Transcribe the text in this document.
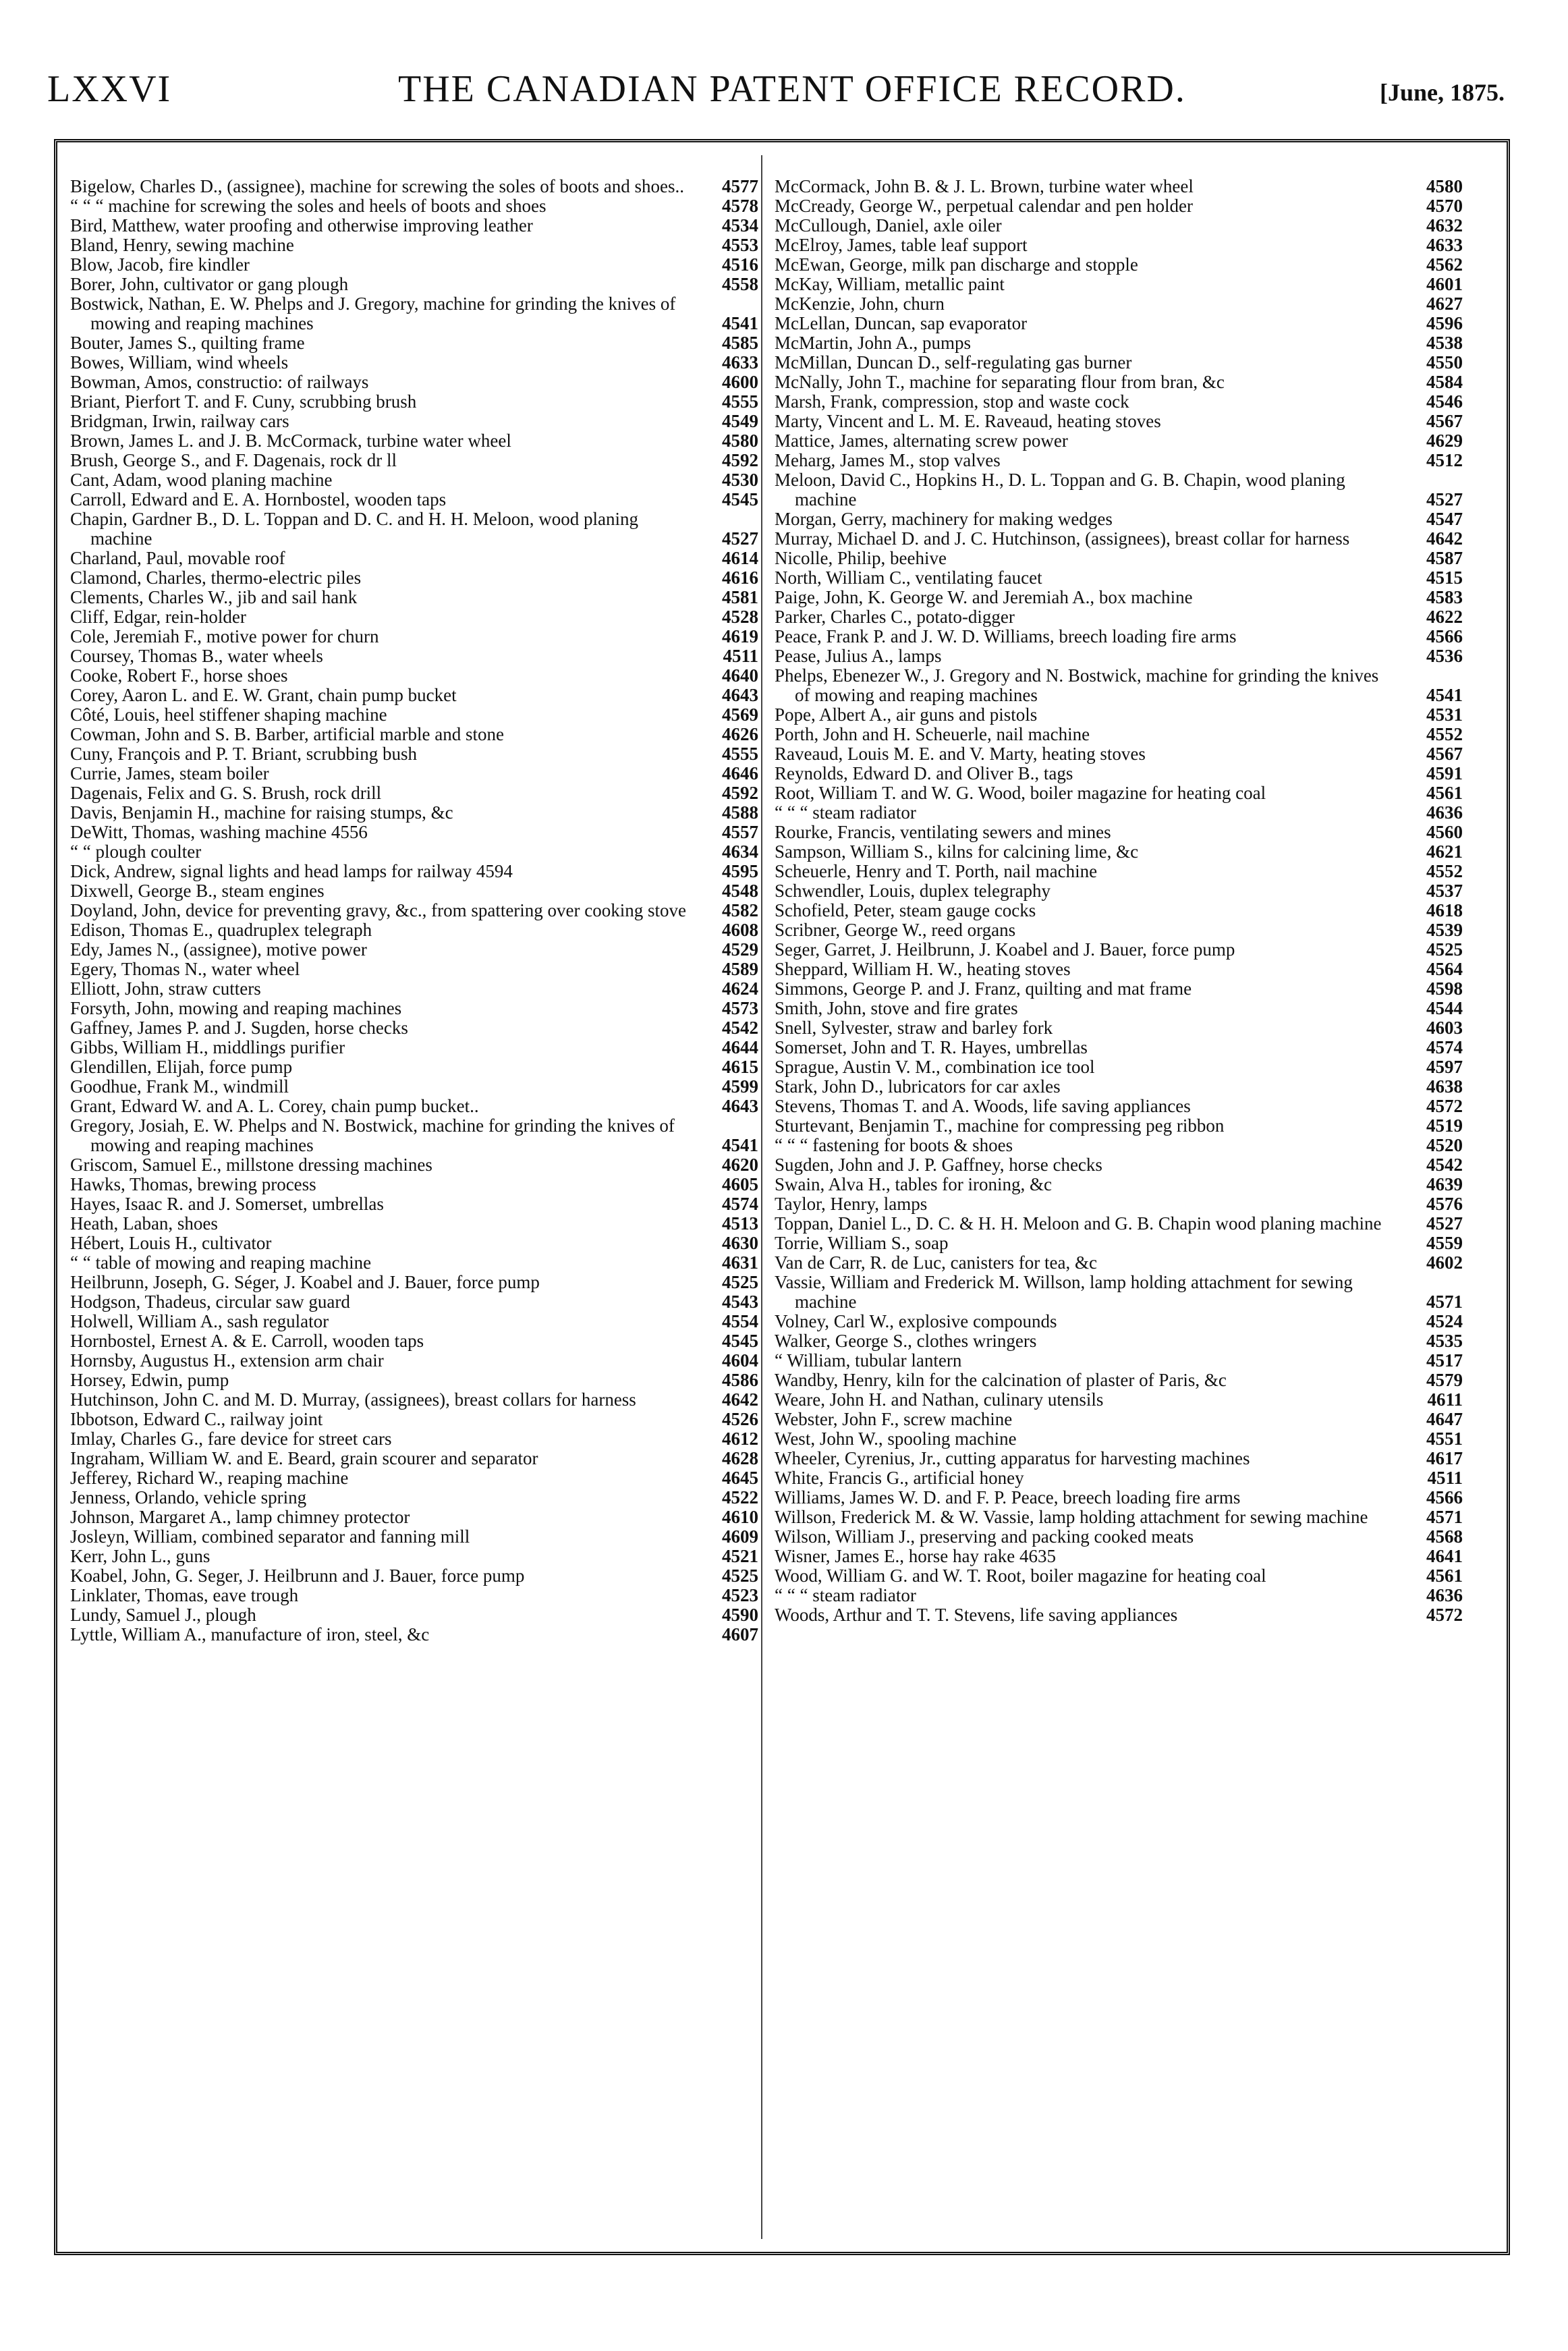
LXXVI	THE CANADIAN PATENT OFFICE RECORD.	[June, 1875.
Bigelow, Charles D., (assignee), machine for screwing the soles of boots and shoes..	4577
“ “ “ machine for screwing the soles and heels of boots and shoes	4578
Bird, Matthew, water proofing and otherwise improving leather	4534
Bland, Henry, sewing machine	4553
Blow, Jacob, fire kindler	4516
Borer, John, cultivator or gang plough	4558
Bostwick, Nathan, E. W. Phelps and J. Gregory, machine for grinding the knives of mowing and reaping machines	4541
Bouter, James S., quilting frame	4585
Bowes, William, wind wheels	4633
Bowman, Amos, constructio: of railways	4600
Briant, Pierfort T. and F. Cuny, scrubbing brush	4555
Bridgman, Irwin, railway cars	4549
Brown, James L. and J. B. McCormack, turbine water wheel	4580
Brush, George S., and F. Dagenais, rock dr ll	4592
Cant, Adam, wood planing machine	4530
Carroll, Edward and E. A. Hornbostel, wooden taps	4545
Chapin, Gardner B., D. L. Toppan and D. C. and H. H. Meloon, wood planing machine	4527
Charland, Paul, movable roof	4614
Clamond, Charles, thermo-electric piles	4616
Clements, Charles W., jib and sail hank	4581
Cliff, Edgar, rein-holder	4528
Cole, Jeremiah F., motive power for churn	4619
Coursey, Thomas B., water wheels	4511
Cooke, Robert F., horse shoes	4640
Corey, Aaron L. and E. W. Grant, chain pump bucket	4643
Côté, Louis, heel stiffener shaping machine	4569
Cowman, John and S. B. Barber, artificial marble and stone	4626
Cuny, François and P. T. Briant, scrubbing bush	4555
Currie, James, steam boiler	4646
Dagenais, Felix and G. S. Brush, rock drill	4592
Davis, Benjamin H., machine for raising stumps, &c	4588
DeWitt, Thomas, washing machine 4556	4557
“ “ plough coulter	4634
Dick, Andrew, signal lights and head lamps for railway 4594	4595
Dixwell, George B., steam engines	4548
Doyland, John, device for preventing gravy, &c., from spattering over cooking stove	4582
Edison, Thomas E., quadruplex telegraph	4608
Edy, James N., (assignee), motive power	4529
Egery, Thomas N., water wheel	4589
Elliott, John, straw cutters	4624
Forsyth, John, mowing and reaping machines	4573
Gaffney, James P. and J. Sugden, horse checks	4542
Gibbs, William H., middlings purifier	4644
Glendillen, Elijah, force pump	4615
Goodhue, Frank M., windmill	4599
Grant, Edward W. and A. L. Corey, chain pump bucket..	4643
Gregory, Josiah, E. W. Phelps and N. Bostwick, machine for grinding the knives of mowing and reaping machines	4541
Griscom, Samuel E., millstone dressing machines	4620
Hawks, Thomas, brewing process	4605
Hayes, Isaac R. and J. Somerset, umbrellas	4574
Heath, Laban, shoes	4513
Hébert, Louis H., cultivator	4630
“ “ table of mowing and reaping machine	4631
Heilbrunn, Joseph, G. Séger, J. Koabel and J. Bauer, force pump	4525
Hodgson, Thadeus, circular saw guard	4543
Holwell, William A., sash regulator	4554
Hornbostel, Ernest A. & E. Carroll, wooden taps	4545
Hornsby, Augustus H., extension arm chair	4604
Horsey, Edwin, pump	4586
Hutchinson, John C. and M. D. Murray, (assignees), breast collars for harness	4642
Ibbotson, Edward C., railway joint	4526
Imlay, Charles G., fare device for street cars	4612
Ingraham, William W. and E. Beard, grain scourer and separator	4628
Jefferey, Richard W., reaping machine	4645
Jenness, Orlando, vehicle spring	4522
Johnson, Margaret A., lamp chimney protector	4610
Josleyn, William, combined separator and fanning mill	4609
Kerr, John L., guns	4521
Koabel, John, G. Seger, J. Heilbrunn and J. Bauer, force pump	4525
Linklater, Thomas, eave trough	4523
Lundy, Samuel J., plough	4590
Lyttle, William A., manufacture of iron, steel, &c	4607
McCormack, John B. & J. L. Brown, turbine water wheel	4580
McCready, George W., perpetual calendar and pen holder	4570
McCullough, Daniel, axle oiler	4632
McElroy, James, table leaf support	4633
McEwan, George, milk pan discharge and stopple	4562
McKay, William, metallic paint	4601
McKenzie, John, churn	4627
McLellan, Duncan, sap evaporator	4596
McMartin, John A., pumps	4538
McMillan, Duncan D., self-regulating gas burner	4550
McNally, John T., machine for separating flour from bran, &c	4584
Marsh, Frank, compression, stop and waste cock	4546
Marty, Vincent and L. M. E. Raveaud, heating stoves	4567
Mattice, James, alternating screw power	4629
Meharg, James M., stop valves	4512
Meloon, David C., Hopkins H., D. L. Toppan and G. B. Chapin, wood planing machine	4527
Morgan, Gerry, machinery for making wedges	4547
Murray, Michael D. and J. C. Hutchinson, (assignees), breast collar for harness	4642
Nicolle, Philip, beehive	4587
North, William C., ventilating faucet	4515
Paige, John, K. George W. and Jeremiah A., box machine	4583
Parker, Charles C., potato-digger	4622
Peace, Frank P. and J. W. D. Williams, breech loading fire arms	4566
Pease, Julius A., lamps	4536
Phelps, Ebenezer W., J. Gregory and N. Bostwick, machine for grinding the knives of mowing and reaping machines	4541
Pope, Albert A., air guns and pistols	4531
Porth, John and H. Scheuerle, nail machine	4552
Raveaud, Louis M. E. and V. Marty, heating stoves	4567
Reynolds, Edward D. and Oliver B., tags	4591
Root, William T. and W. G. Wood, boiler magazine for heating coal	4561
“ “ “ steam radiator	4636
Rourke, Francis, ventilating sewers and mines	4560
Sampson, William S., kilns for calcining lime, &c	4621
Scheuerle, Henry and T. Porth, nail machine	4552
Schwendler, Louis, duplex telegraphy	4537
Schofield, Peter, steam gauge cocks	4618
Scribner, George W., reed organs	4539
Seger, Garret, J. Heilbrunn, J. Koabel and J. Bauer, force pump	4525
Sheppard, William H. W., heating stoves	4564
Simmons, George P. and J. Franz, quilting and mat frame	4598
Smith, John, stove and fire grates	4544
Snell, Sylvester, straw and barley fork	4603
Somerset, John and T. R. Hayes, umbrellas	4574
Sprague, Austin V. M., combination ice tool	4597
Stark, John D., lubricators for car axles	4638
Stevens, Thomas T. and A. Woods, life saving appliances	4572
Sturtevant, Benjamin T., machine for compressing peg ribbon	4519
“ “ “ fastening for boots & shoes	4520
Sugden, John and J. P. Gaffney, horse checks	4542
Swain, Alva H., tables for ironing, &c	4639
Taylor, Henry, lamps	4576
Toppan, Daniel L., D. C. & H. H. Meloon and G. B. Chapin wood planing machine	4527
Torrie, William S., soap	4559
Van de Carr, R. de Luc, canisters for tea, &c	4602
Vassie, William and Frederick M. Willson, lamp holding attachment for sewing machine	4571
Volney, Carl W., explosive compounds	4524
Walker, George S., clothes wringers	4535
“ William, tubular lantern	4517
Wandby, Henry, kiln for the calcination of plaster of Paris, &c	4579
Weare, John H. and Nathan, culinary utensils	4611
Webster, John F., screw machine	4647
West, John W., spooling machine	4551
Wheeler, Cyrenius, Jr., cutting apparatus for harvesting machines	4617
White, Francis G., artificial honey	4511
Williams, James W. D. and F. P. Peace, breech loading fire arms	4566
Willson, Frederick M. & W. Vassie, lamp holding attachment for sewing machine	4571
Wilson, William J., preserving and packing cooked meats	4568
Wisner, James E., horse hay rake 4635	4641
Wood, William G. and W. T. Root, boiler magazine for heating coal	4561
“ “ “ steam radiator	4636
Woods, Arthur and T. T. Stevens, life saving appliances	4572
